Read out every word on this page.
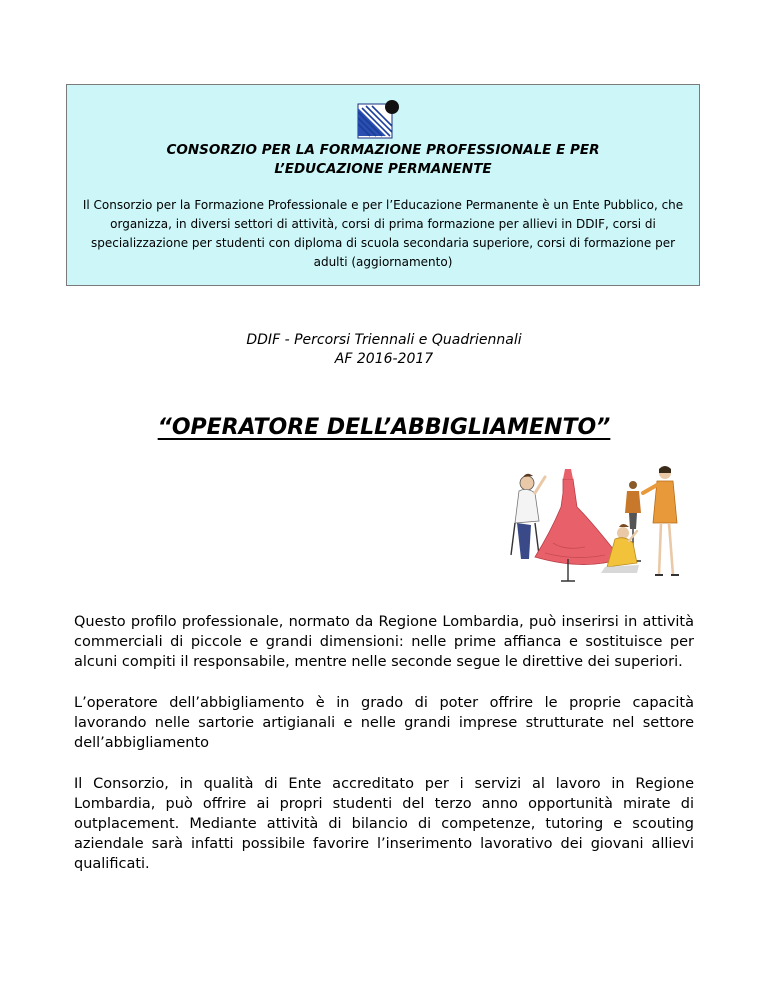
CONSORZIO PER LA FORMAZIONE PROFESSIONALE E PER
L’EDUCAZIONE PERMANENTE

Il Consorzio per la Formazione Professionale e per l’Educazione Permanente è un Ente Pubblico, che organizza, in diversi settori di attività, corsi di prima formazione per allievi in DDIF, corsi di specializzazione per studenti con diploma di scuola secondaria superiore, corsi di formazione per adulti (aggiornamento)

DDIF - Percorsi Triennali e Quadriennali
AF 2016-2017
“OPERATORE DELL’ABBIGLIAMENTO”

Questo profilo professionale, normato da Regione Lombardia, può inserirsi in attività commerciali di piccole e grandi dimensioni: nelle prime affianca e sostituisce per alcuni compiti il responsabile, mentre nelle seconde segue le direttive dei superiori.

L’operatore dell’abbigliamento è in grado di poter offrire le proprie capacità lavorando nelle sartorie artigianali e nelle grandi imprese strutturate nel settore dell’abbigliamento

Il Consorzio, in qualità di Ente accreditato per i servizi al lavoro in Regione Lombardia, può offrire ai propri studenti del terzo anno opportunità mirate di outplacement. Mediante attività di bilancio di competenze, tutoring e scouting aziendale sarà infatti possibile favorire l’inserimento lavorativo dei giovani allievi qualificati.
